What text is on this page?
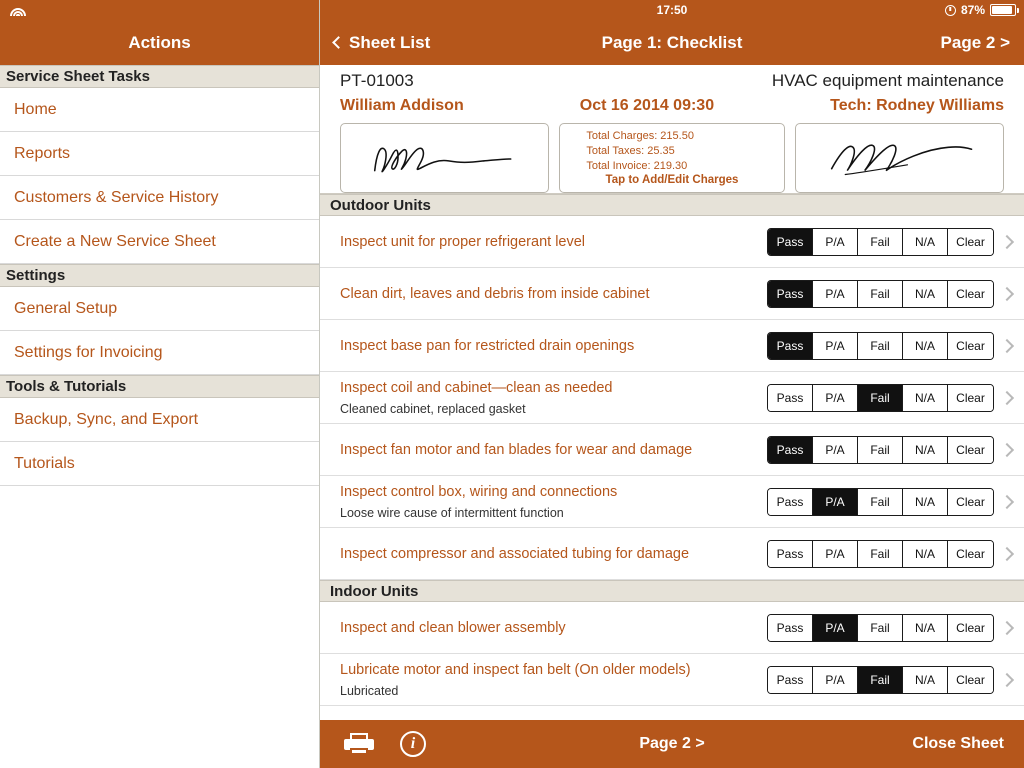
Actions
Service Sheet Tasks
Home
Reports
Customers & Service History
Create a New Service Sheet
Settings
General Setup
Settings for Invoicing
Tools & Tutorials
Backup, Sync, and Export
Tutorials
17:50	87%
Sheet List	Page 1: Checklist	Page 2 >
PT-01003	HVAC equipment maintenance
William Addison	Oct 16 2014 09:30	Tech: Rodney Williams
Total Charges: 215.50
Total Taxes: 25.35
Total Invoice: 219.30
Tap to Add/Edit Charges
Outdoor Units
Inspect unit for proper refrigerant level	Pass	P/A	Fail	N/A	Clear
Clean dirt, leaves and debris from inside cabinet	Pass	P/A	Fail	N/A	Clear
Inspect base pan for restricted drain openings	Pass	P/A	Fail	N/A	Clear
Inspect coil and cabinet—clean as needed
Cleaned cabinet, replaced gasket
Pass	P/A	Fail	N/A	Clear
Inspect fan motor and fan blades for wear and damage	Pass	P/A	Fail	N/A	Clear
Inspect control box, wiring and connections
Loose wire cause of intermittent function
Pass	P/A	Fail	N/A	Clear
Inspect compressor and associated tubing for damage	Pass	P/A	Fail	N/A	Clear
Indoor Units
Inspect and clean blower assembly	Pass	P/A	Fail	N/A	Clear
Lubricate motor and inspect fan belt (On older models)
Lubricated
Pass	P/A	Fail	N/A	Clear
i	Page 2 >	Close Sheet
